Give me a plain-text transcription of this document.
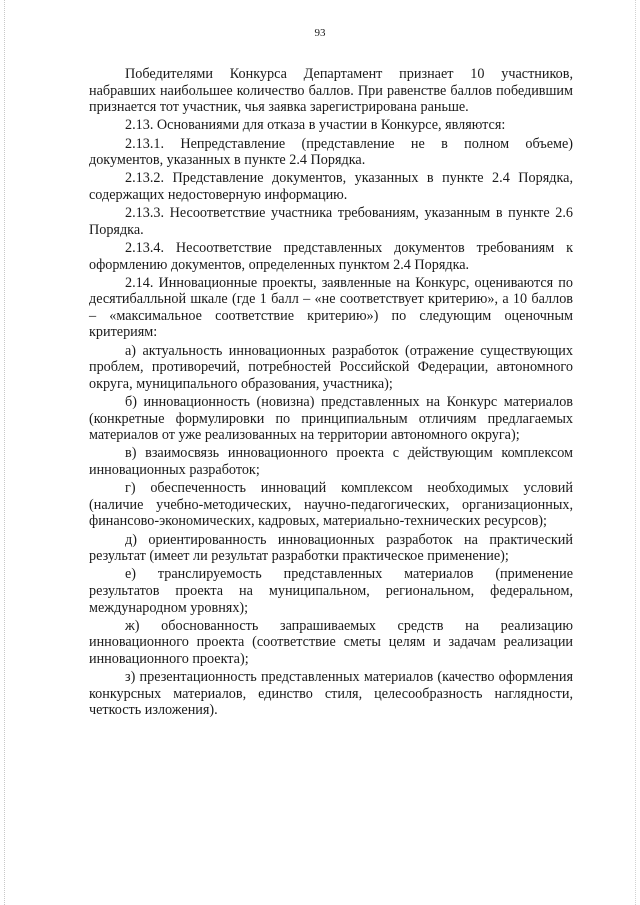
93

Победителями Конкурса Департамент признает 10 участников, набравших наибольшее количество баллов. При равенстве баллов победившим признается тот участник, чья заявка зарегистрирована раньше.

2.13. Основаниями для отказа в участии в Конкурсе, являются:

2.13.1. Непредставление (представление не в полном объеме) документов, указанных в пункте 2.4 Порядка.

2.13.2. Представление документов, указанных в пункте 2.4 Порядка, содержащих недостоверную информацию.

2.13.3. Несоответствие участника требованиям, указанным в пункте 2.6 Порядка.

2.13.4. Несоответствие представленных документов требованиям к оформлению документов, определенных пунктом 2.4 Порядка.

2.14. Инновационные проекты, заявленные на Конкурс, оцениваются по десятибалльной шкале (где 1 балл – «не соответствует критерию», а 10 баллов – «максимальное соответствие критерию») по следующим оценочным критериям:

а) актуальность инновационных разработок (отражение существующих проблем, противоречий, потребностей Российской Федерации, автономного округа, муниципального образования, участника);

б) инновационность (новизна) представленных на Конкурс материалов (конкретные формулировки по принципиальным отличиям предлагаемых материалов от уже реализованных на территории автономного округа);

в) взаимосвязь инновационного проекта с действующим комплексом инновационных разработок;

г) обеспеченность инноваций комплексом необходимых условий (наличие учебно-методических, научно-педагогических, организационных, финансово-экономических, кадровых, материально-технических ресурсов);

д) ориентированность инновационных разработок на практический результат (имеет ли результат разработки практическое применение);

е) транслируемость представленных материалов (применение результатов проекта на муниципальном, региональном, федеральном, международном уровнях);

ж) обоснованность запрашиваемых средств на реализацию инновационного проекта (соответствие сметы целям и задачам реализации инновационного проекта);

з) презентационность представленных материалов (качество оформления конкурсных материалов, единство стиля, целесообразность наглядности, четкость изложения).
